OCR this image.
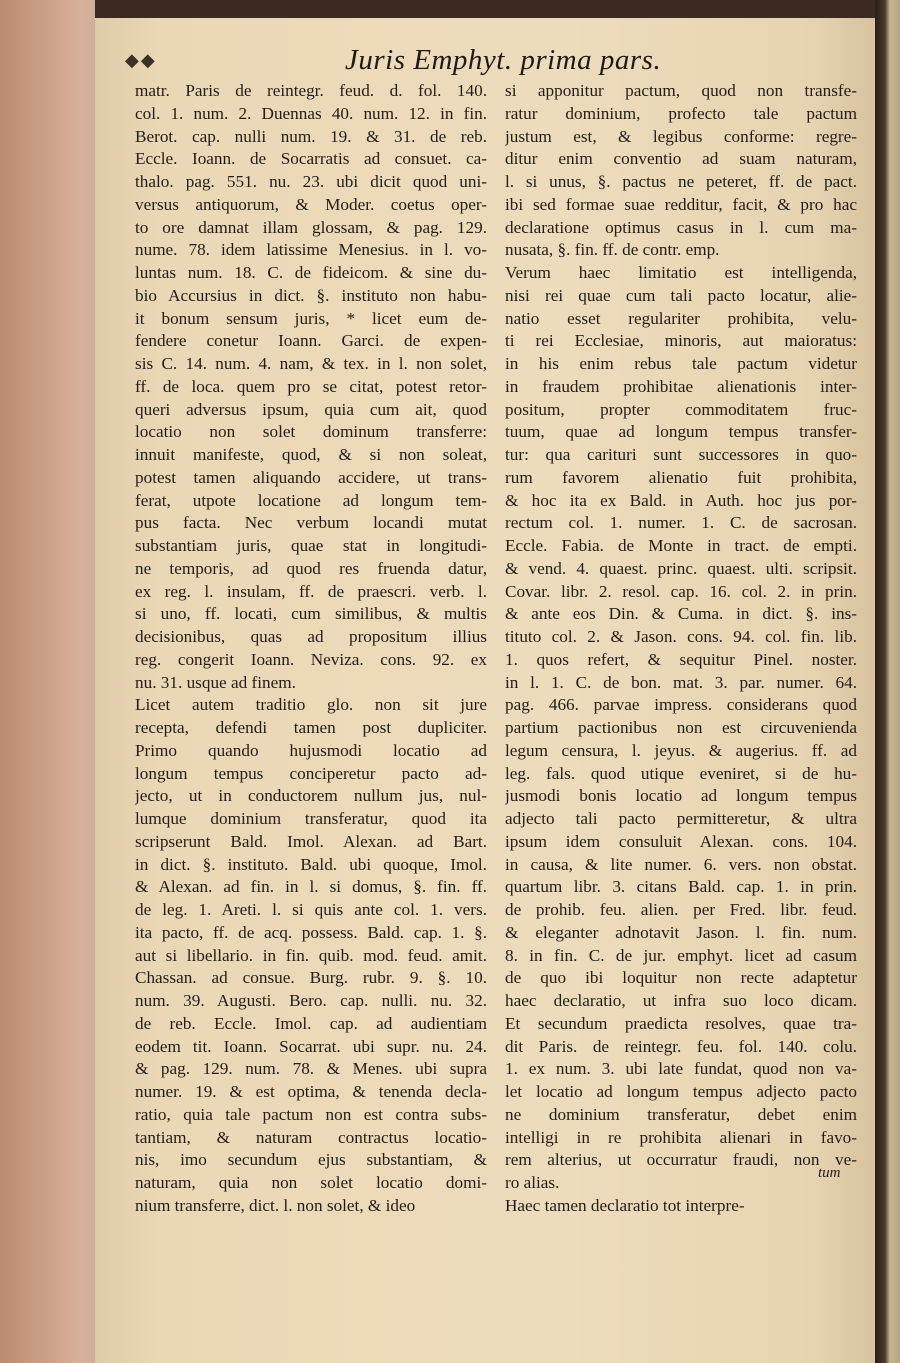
◆◆	Juris Emphyt. prima pars.
matr. Paris de reintegr. feud. d. fol. 140.
col. 1. num. 2. Duennas 40. num. 12. in fin.
Berot. cap. nulli num. 19. & 31. de reb.
Eccle. Ioann. de Socarratis ad consuet. ca-
thalo. pag. 551. nu. 23. ubi dicit quod uni-
versus antiquorum, & Moder. coetus oper-
to ore damnat illam glossam, & pag. 129.
nume. 78. idem latissime Menesius. in l. vo-
luntas num. 18. C. de fideicom. & sine du-
bio Accursius in dict. §. instituto non habu-
it bonum sensum juris, * licet eum de-
fendere conetur Ioann. Garci. de expen-
sis C. 14. num. 4. nam, & tex. in l. non solet,
ff. de loca. quem pro se citat, potest retor-
queri adversus ipsum, quia cum ait, quod
locatio non solet dominum transferre:
innuit manifeste, quod, & si non soleat,
potest tamen aliquando accidere, ut trans-
ferat, utpote locatione ad longum tem-
pus facta. Nec verbum locandi mutat
substantiam juris, quae stat in longitudi-
ne temporis, ad quod res fruenda datur,
ex reg. l. insulam, ff. de praescri. verb. l.
si uno, ff. locati, cum similibus, & multis
decisionibus, quas ad propositum illius
reg. congerit Ioann. Neviza. cons. 92. ex
nu. 31. usque ad finem.
Licet autem traditio glo. non sit jure
recepta, defendi tamen post dupliciter.
Primo quando hujusmodi locatio ad
longum tempus conciperetur pacto ad-
jecto, ut in conductorem nullum jus, nul-
lumque dominium transferatur, quod ita
scripserunt Bald. Imol. Alexan. ad Bart.
in dict. §. instituto. Bald. ubi quoque, Imol.
& Alexan. ad fin. in l. si domus, §. fin. ff.
de leg. 1. Areti. l. si quis ante col. 1. vers.
ita pacto, ff. de acq. possess. Bald. cap. 1. §.
aut si libellario. in fin. quib. mod. feud. amit.
Chassan. ad consue. Burg. rubr. 9. §. 10.
num. 39. Augusti. Bero. cap. nulli. nu. 32.
de reb. Eccle. Imol. cap. ad audientiam
eodem tit. Ioann. Socarrat. ubi supr. nu. 24.
& pag. 129. num. 78. & Menes. ubi supra
numer. 19. & est optima, & tenenda decla-
ratio, quia tale pactum non est contra subs-
tantiam, & naturam contractus locatio-
nis, imo secundum ejus substantiam, &
naturam, quia non solet locatio domi-
nium transferre, dict. l. non solet, & ideo
si apponitur pactum, quod non transfe-
ratur dominium, profecto tale pactum
justum est, & legibus conforme: regre-
ditur enim conventio ad suam naturam,
l. si unus, §. pactus ne peteret, ff. de pact.
ibi sed formae suae redditur, facit, & pro hac
declaratione optimus casus in l. cum ma-
nusata, §. fin. ff. de contr. emp.
Verum haec limitatio est intelligenda,
nisi rei quae cum tali pacto locatur, alie-
natio esset regulariter prohibita, velu-
ti rei Ecclesiae, minoris, aut maioratus:
in his enim rebus tale pactum videtur
in fraudem prohibitae alienationis inter-
positum, propter commoditatem fruc-
tuum, quae ad longum tempus transfer-
tur: qua carituri sunt successores in quo-
rum favorem alienatio fuit prohibita,
& hoc ita ex Bald. in Auth. hoc jus por-
rectum col. 1. numer. 1. C. de sacrosan.
Eccle. Fabia. de Monte in tract. de empti.
& vend. 4. quaest. princ. quaest. ulti. scripsit.
Covar. libr. 2. resol. cap. 16. col. 2. in prin.
& ante eos Din. & Cuma. in dict. §. ins-
tituto col. 2. & Jason. cons. 94. col. fin. lib.
1. quos refert, & sequitur Pinel. noster.
in l. 1. C. de bon. mat. 3. par. numer. 64.
pag. 466. parvae impress. considerans quod
partium pactionibus non est circuvenienda
legum censura, l. jeyus. & augerius. ff. ad
leg. fals. quod utique eveniret, si de hu-
jusmodi bonis locatio ad longum tempus
adjecto tali pacto permitteretur, & ultra
ipsum idem consuluit Alexan. cons. 104.
in causa, & lite numer. 6. vers. non obstat.
quartum libr. 3. citans Bald. cap. 1. in prin.
de prohib. feu. alien. per Fred. libr. feud.
& eleganter adnotavit Jason. l. fin. num.
8. in fin. C. de jur. emphyt. licet ad casum
de quo ibi loquitur non recte adaptetur
haec declaratio, ut infra suo loco dicam.
Et secundum praedicta resolves, quae tra-
dit Paris. de reintegr. feu. fol. 140. colu.
1. ex num. 3. ubi late fundat, quod non va-
let locatio ad longum tempus adjecto pacto
ne dominium transferatur, debet enim
intelligi in re prohibita alienari in favo-
rem alterius, ut occurratur fraudi, non ve-
ro alias.
Haec tamen declaratio tot interpre-
tum
